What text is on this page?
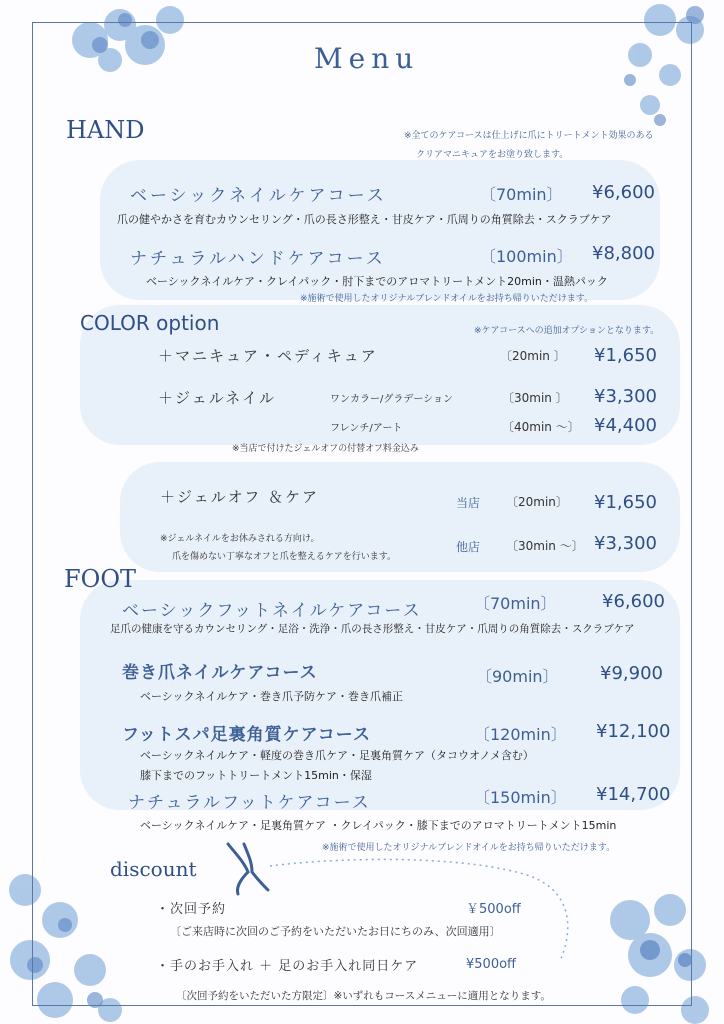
Menu
HAND	※全てのケアコースは仕上げに爪にトリートメント効果のある
クリアマニキュアをお塗り致します。
ベーシックネイルケアコース	〔70min〕 ¥6,600
爪の健やかさを育むカウンセリング・爪の長さ形整え・甘皮ケア・爪周りの角質除去・スクラブケア
ナチュラルハンドケアコース	〔100min〕 ¥8,800
ベーシックネイルケア・クレイパック・肘下までのアロマトリートメント20min・温熱パック
※施術で使用したオリジナルブレンドオイルをお持ち帰りいただけます。
COLOR option	※ケアコースへの追加オプションとなります。
＋マニキュア・ペディキュア	〔20min 〕 ¥1,650
＋ジェルネイル	ワンカラー/グラデーション	〔30min 〕 ¥3,300
フレンチ/アート	〔40min 〜〕 ¥4,400
※当店で付けたジェルオフの付替オフ料金込み
＋ジェルオフ ＆ケア	当店 〔20min〕 ¥1,650
※ジェルネイルをお休みされる方向け。
爪を傷めない丁寧なオフと爪を整えるケアを行います。
他店 〔30min 〜〕 ¥3,300
FOOT
ベーシックフットネイルケアコース	〔70min〕	¥6,600
足爪の健康を守るカウンセリング・足浴・洗浄・爪の長さ形整え・甘皮ケア・爪周りの角質除去・スクラブケア
巻き爪ネイルケアコース	〔90min〕 ¥9,900
ベーシックネイルケア・巻き爪予防ケア・巻き爪補正
フットスパ足裏角質ケアコース	〔120min〕 ¥12,100
ベーシックネイルケア・軽度の巻き爪ケア・足裏角質ケア（タコウオノメ含む）
膝下までのフットトリートメント15min・保湿
ナチュラルフットケアコース	〔150min〕 ¥14,700
ベーシックネイルケア・足裏角質ケア ・クレイパック・膝下までのアロマトリートメント15min
※施術で使用したオリジナルブレンドオイルをお持ち帰りいただけます。
discount
・次回予約	￥500off
〔ご来店時に次回のご予約をいただいたお日にちのみ、次回適用〕
・手のお手入れ ＋ 足のお手入れ同日ケア	¥500off
〔次回予約をいただいた方限定〕※いずれもコースメニューに適用となります。
